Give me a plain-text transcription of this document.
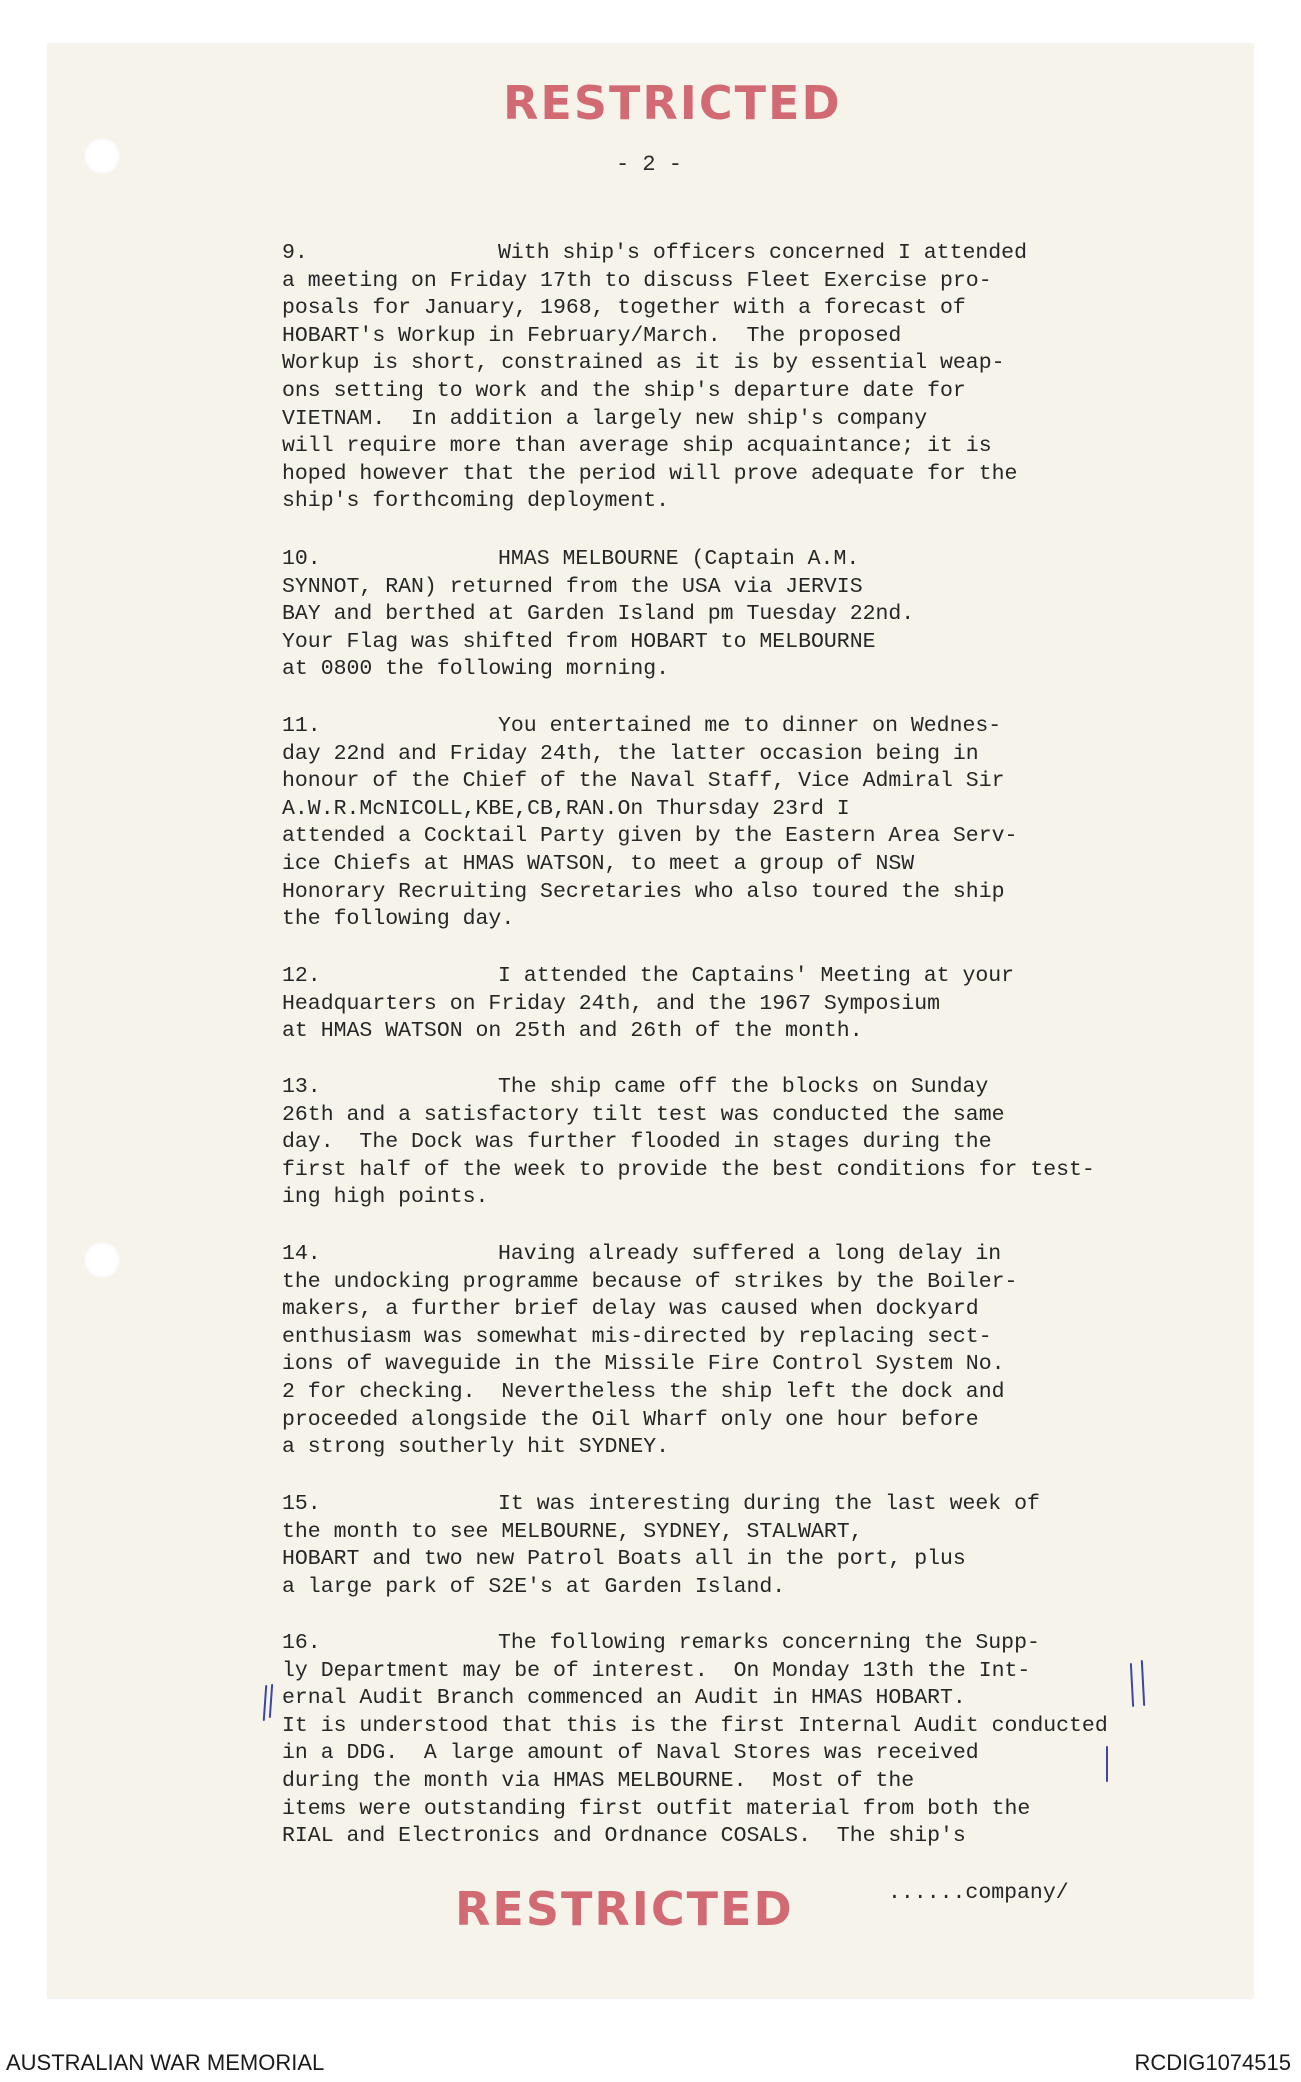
RESTRICTED
RESTRICTED
- 2 -
9.	With ship's officers concerned I attended
a meeting on Friday 17th to discuss Fleet Exercise pro-
posals for January, 1968, together with a forecast of
HOBART's Workup in February/March.  The proposed
Workup is short, constrained as it is by essential weap-
ons setting to work and the ship's departure date for
VIETNAM.  In addition a largely new ship's company
will require more than average ship acquaintance; it is
hoped however that the period will prove adequate for the
ship's forthcoming deployment.
10.	HMAS MELBOURNE (Captain A.M.
SYNNOT, RAN) returned from the USA via JERVIS
BAY and berthed at Garden Island pm Tuesday 22nd.
Your Flag was shifted from HOBART to MELBOURNE
at 0800 the following morning.
11.	You entertained me to dinner on Wednes-
day 22nd and Friday 24th, the latter occasion being in
honour of the Chief of the Naval Staff, Vice Admiral Sir
A.W.R.McNICOLL,KBE,CB,RAN.On Thursday 23rd I
attended a Cocktail Party given by the Eastern Area Serv-
ice Chiefs at HMAS WATSON, to meet a group of NSW
Honorary Recruiting Secretaries who also toured the ship
the following day.
12.	I attended the Captains' Meeting at your
Headquarters on Friday 24th, and the 1967 Symposium
at HMAS WATSON on 25th and 26th of the month.
13.	The ship came off the blocks on Sunday
26th and a satisfactory tilt test was conducted the same
day.  The Dock was further flooded in stages during the
first half of the week to provide the best conditions for test-
ing high points.
14.	Having already suffered a long delay in
the undocking programme because of strikes by the Boiler-
makers, a further brief delay was caused when dockyard
enthusiasm was somewhat mis-directed by replacing sect-
ions of waveguide in the Missile Fire Control System No.
2 for checking.  Nevertheless the ship left the dock and
proceeded alongside the Oil Wharf only one hour before
a strong southerly hit SYDNEY.
15.	It was interesting during the last week of
the month to see MELBOURNE, SYDNEY, STALWART,
HOBART and two new Patrol Boats all in the port, plus
a large park of S2E's at Garden Island.
16.	The following remarks concerning the Supp-
ly Department may be of interest.  On Monday 13th the Int-
ernal Audit Branch commenced an Audit in HMAS HOBART.
It is understood that this is the first Internal Audit conducted
in a DDG.  A large amount of Naval Stores was received
during the month via HMAS MELBOURNE.  Most of the
items were outstanding first outfit material from both the
RIAL and Electronics and Ordnance COSALS.  The ship's
......company/
AUSTRALIAN WAR MEMORIAL	RCDIG1074515
